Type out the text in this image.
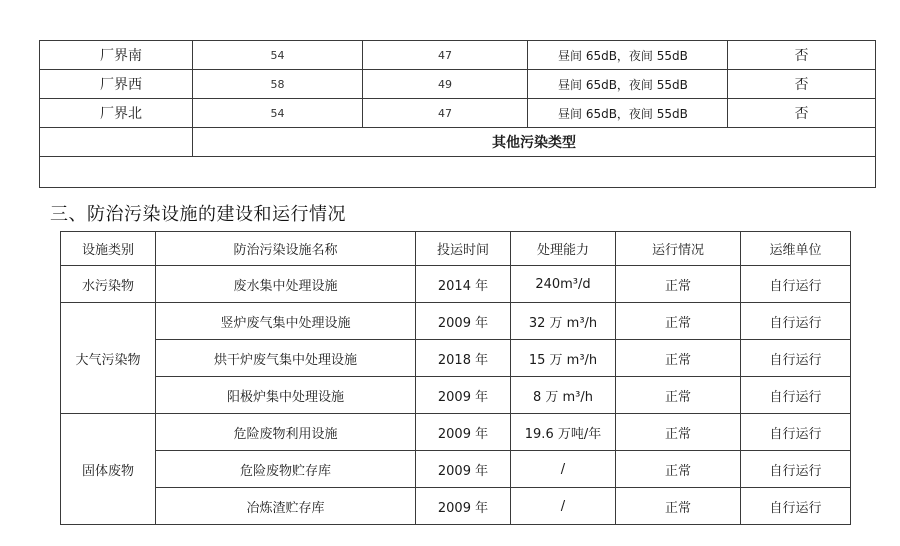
厂界南	54	47	昼间 65dB，夜间 55dB	否
厂界西	58	49	昼间 65dB，夜间 55dB	否
厂界北	54	47	昼间 65dB，夜间 55dB	否
	其他污染类型			

三、防治污染设施的建设和运行情况
设施类别	防治污染设施名称	投运时间	处理能力	运行情况	运维单位
水污染物	废水集中处理设施	2014 年	240m³/d	正常	自行运行
大气污染物	竖炉废气集中处理设施	2009 年	32 万 m³/h	正常	自行运行
	烘干炉废气集中处理设施	2018 年	15 万 m³/h	正常	自行运行
	阳极炉集中处理设施	2009 年	8 万 m³/h	正常	自行运行
固体废物	危险废物利用设施	2009 年	19.6 万吨/年	正常	自行运行
	危险废物贮存库	2009 年	/	正常	自行运行
	冶炼渣贮存库	2009 年	/	正常	自行运行
